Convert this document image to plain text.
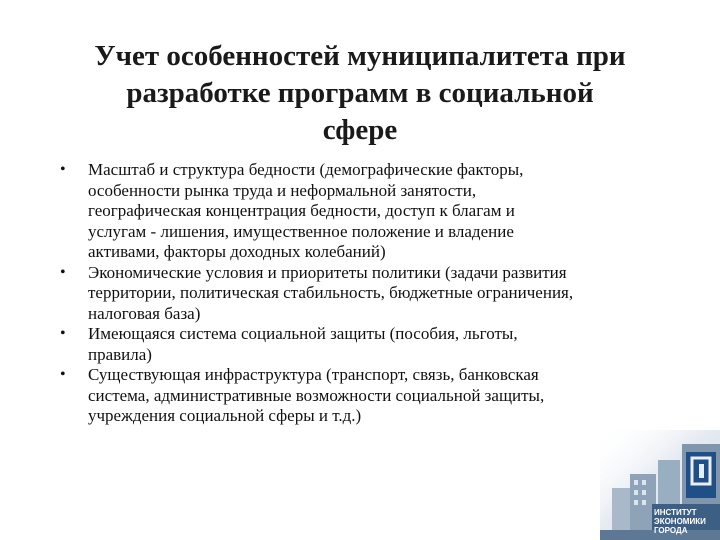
Учет особенностей муниципалитета при
разработке программ в социальной
сфере
• Масштаб и структура бедности (демографические факторы,
особенности рынка труда и неформальной занятости,
географическая концентрация бедности, доступ к благам и
услугам - лишения, имущественное положение и владение
активами, факторы доходных колебаний)
• Экономические условия и приоритеты политики (задачи развития
территории, политическая стабильность, бюджетные ограничения,
налоговая база)
• Имеющаяся система социальной защиты (пособия, льготы,
правила)
• Существующая инфраструктура (транспорт, связь, банковская
система, административные возможности социальной защиты,
учреждения социальной сферы и т.д.)
ИНСТИТУТ
ЭКОНОМИКИ
ГОРОДА
